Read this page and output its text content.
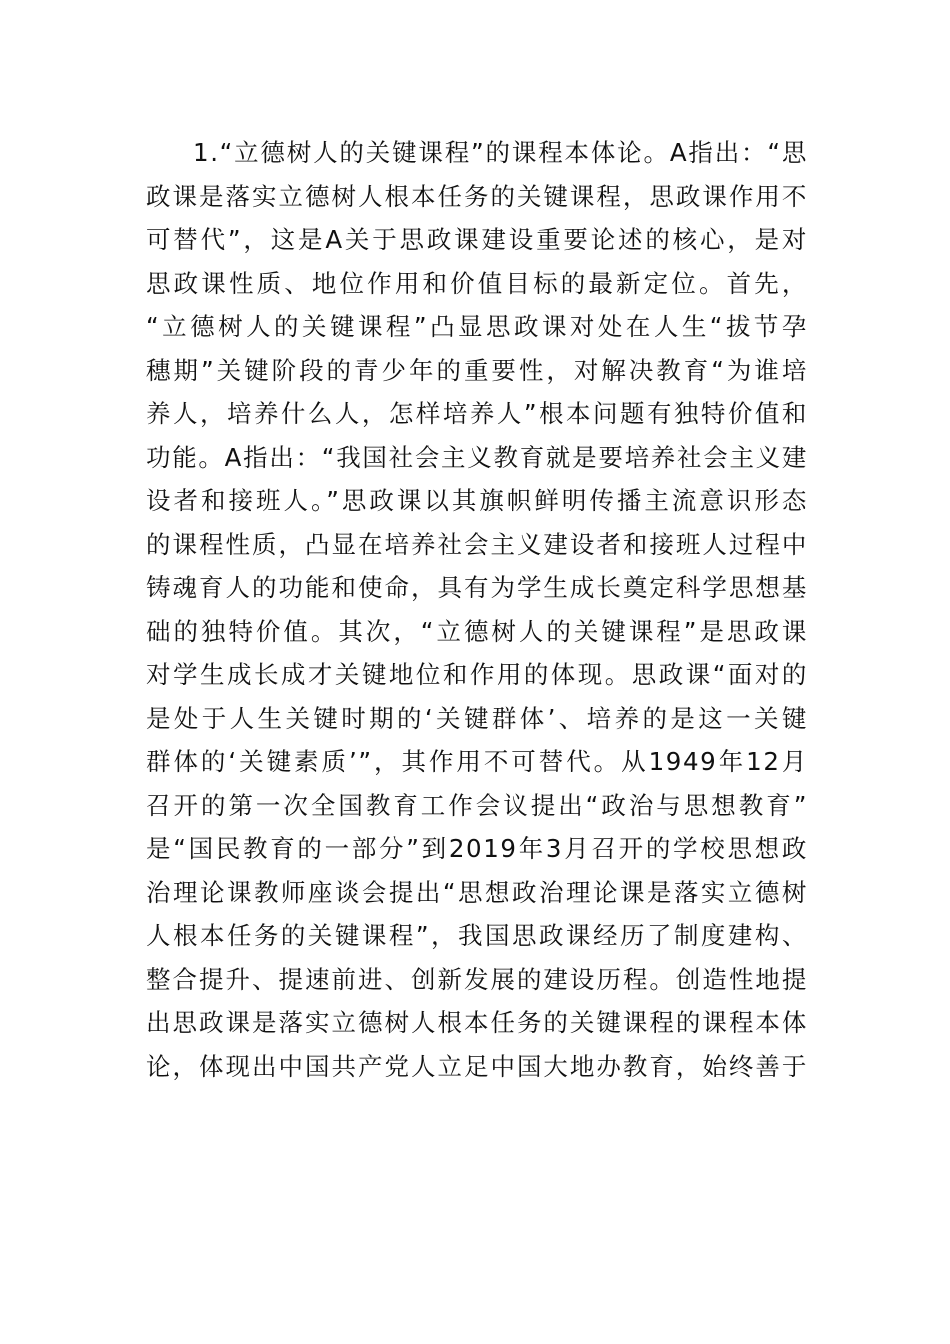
1.“立德树人的关键课程”的课程本体论。A指出：“思
政课是落实立德树人根本任务的关键课程，思政课作用不
可替代”，这是A关于思政课建设重要论述的核心，是对
思政课性质、地位作用和价值目标的最新定位。首先，
“立德树人的关键课程”凸显思政课对处在人生“拔节孕
穗期”关键阶段的青少年的重要性，对解决教育“为谁培
养人，培养什么人，怎样培养人”根本问题有独特价值和
功能。A指出：“我国社会主义教育就是要培养社会主义建
设者和接班人。”思政课以其旗帜鲜明传播主流意识形态
的课程性质，凸显在培养社会主义建设者和接班人过程中
铸魂育人的功能和使命，具有为学生成长奠定科学思想基
础的独特价值。其次，“立德树人的关键课程”是思政课
对学生成长成才关键地位和作用的体现。思政课“面对的
是处于人生关键时期的‘关键群体’、培养的是这一关键
群体的‘关键素质’”，其作用不可替代。从1949年12月
召开的第一次全国教育工作会议提出“政治与思想教育”
是“国民教育的一部分”到2019年3月召开的学校思想政
治理论课教师座谈会提出“思想政治理论课是落实立德树
人根本任务的关键课程”，我国思政课经历了制度建构、
整合提升、提速前进、创新发展的建设历程。创造性地提
出思政课是落实立德树人根本任务的关键课程的课程本体
论，体现出中国共产党人立足中国大地办教育，始终善于
